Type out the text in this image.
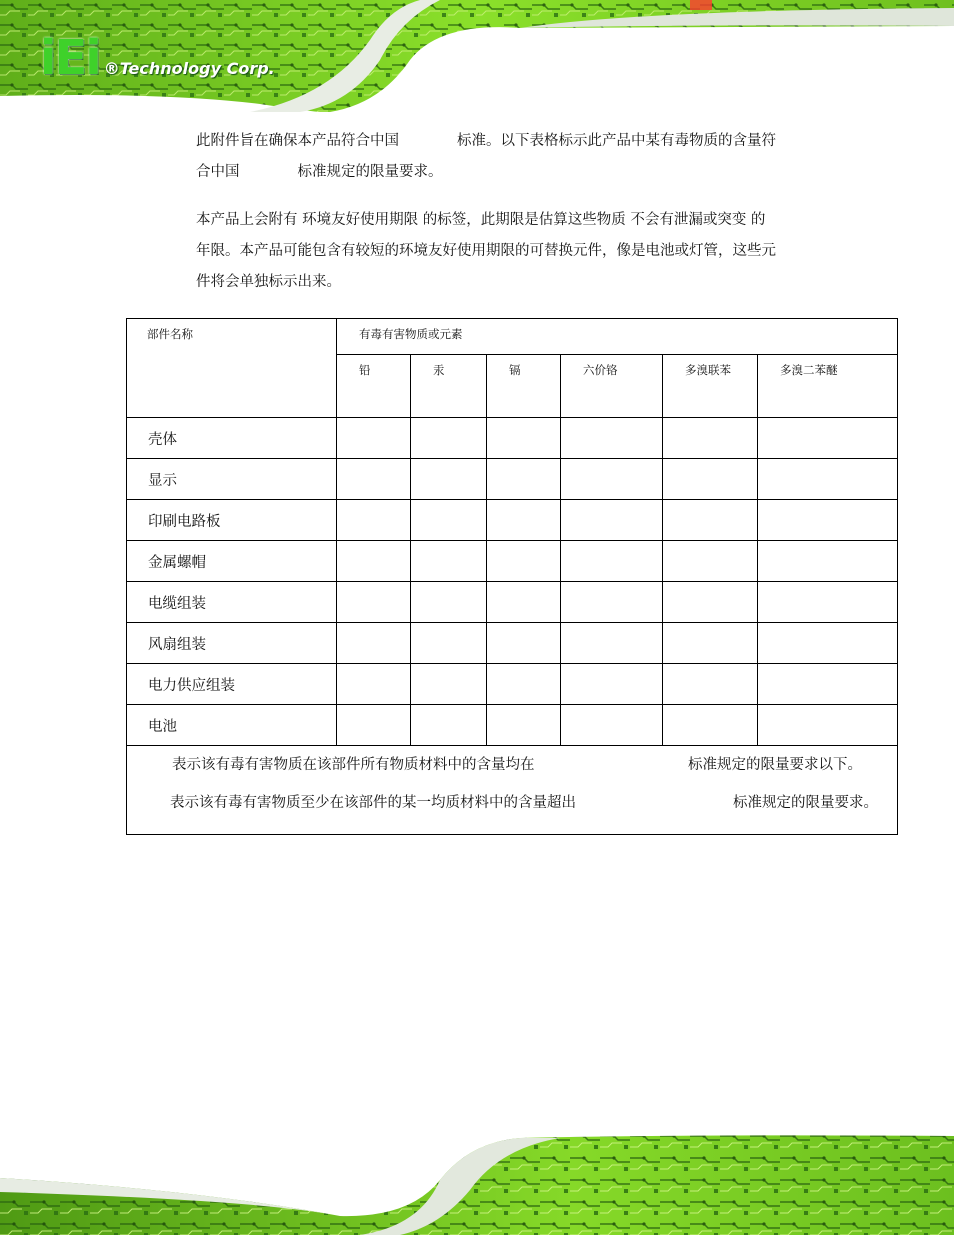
iEi ®Technology Corp.

此附件旨在确保本产品符合中国　　　　标准。以下表格标示此产品中某有毒物质的含量符

合中国　　　　标准规定的限量要求。

本产品上会附有 环境友好使用期限 的标签，此期限是估算这些物质 不会有泄漏或突变 的

年限。本产品可能包含有较短的环境友好使用期限的可替换元件，像是电池或灯管，这些元

件将会单独标示出来。

部件名称	有毒有害物质或元素					
	铅	汞	镉	六价铬	多溴联苯	多溴二苯醚
壳体						
显示						
印刷电路板						
金属螺帽						
电缆组装						
风扇组装						
电力供应组装						
电池						

表示该有毒有害物质在该部件所有物质材料中的含量均在 标准规定的限量要求以下。
表示该有毒有害物质至少在该部件的某一均质材料中的含量超出 标准规定的限量要求。						
